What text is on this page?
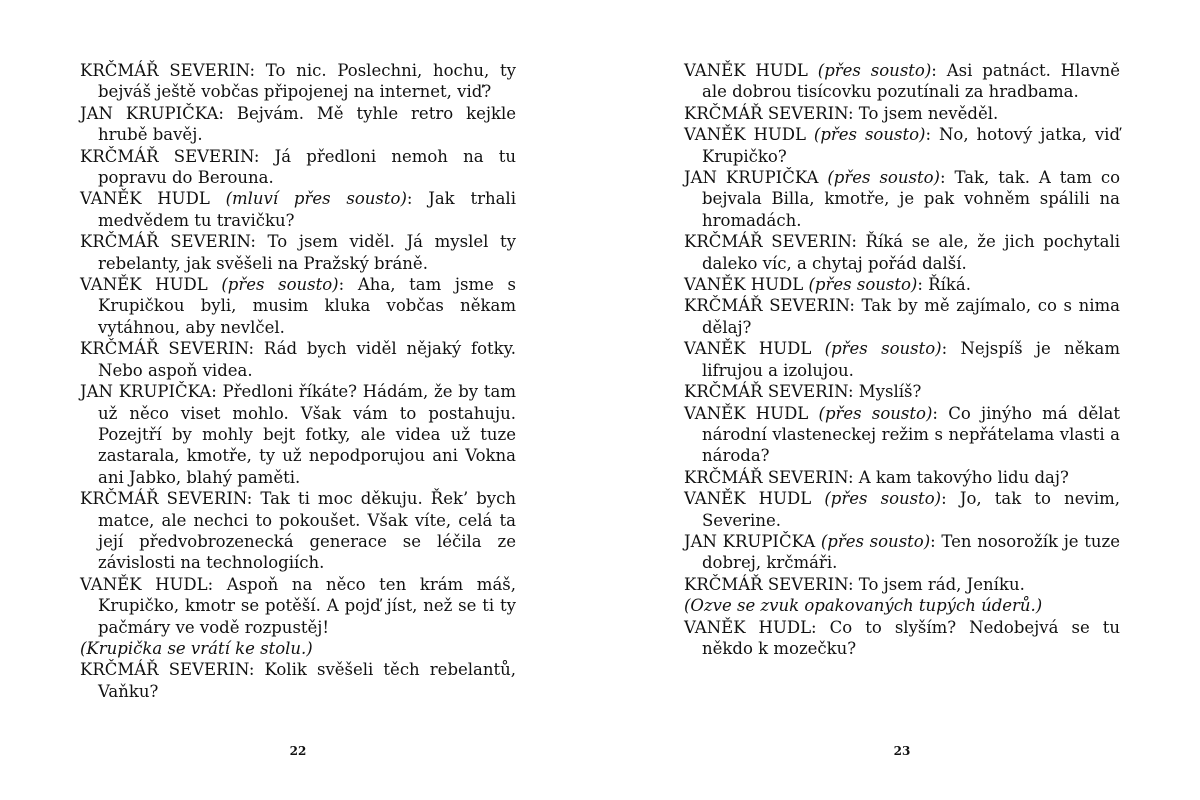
KRČMÁŘ SEVERIN: To nic. Poslechni, hochu, ty bejváš ještě vobčas připojenej na internet, viď?

JAN KRUPIČKA: Bejvám. Mě tyhle retro kejkle hrubě bavěj.

KRČMÁŘ SEVERIN: Já předloni nemoh na tu popravu do Berouna.

VANĚK HUDL (mluví přes sousto): Jak trhali medvědem tu travičku?

KRČMÁŘ SEVERIN: To jsem viděl. Já myslel ty rebelanty, jak svěšeli na Pražský bráně.

VANĚK HUDL (přes sousto): Aha, tam jsme s Krupičkou byli, musim kluka vobčas někam vytáhnou, aby nevlčel.

KRČMÁŘ SEVERIN: Rád bych viděl nějaký fotky. Nebo aspoň videa.

JAN KRUPIČKA: Předloni říkáte? Hádám, že by tam už něco viset mohlo. Však vám to postahuju. Pozejtří by mohly bejt fotky, ale videa už tuze zastarala, kmotře, ty už nepodporujou ani Vokna ani Jabko, blahý paměti.

KRČMÁŘ SEVERIN: Tak ti moc děkuju. Řek’ bych matce, ale nechci to pokoušet. Však víte, celá ta její předvobrozenecká generace se léčila ze závislosti na technologiích.

VANĚK HUDL: Aspoň na něco ten krám máš, Krupičko, kmotr se potěší. A pojď jíst, než se ti ty pačmáry ve vodě rozpustěj!

(Krupička se vrátí ke stolu.)

KRČMÁŘ SEVERIN: Kolik svěšeli těch rebelantů, Vaňku?

VANĚK HUDL (přes sousto): Asi patnáct. Hlavně ale dobrou tisícovku pozutínali za hradbama.

KRČMÁŘ SEVERIN: To jsem nevěděl.

VANĚK HUDL (přes sousto): No, hotový jatka, viď Krupičko?

JAN KRUPIČKA (přes sousto): Tak, tak. A tam co bejvala Billa, kmotře, je pak vohněm spálili na hromadách.

KRČMÁŘ SEVERIN: Říká se ale, že jich pochytali daleko víc, a chytaj pořád další.

VANĚK HUDL (přes sousto): Říká.

KRČMÁŘ SEVERIN: Tak by mě zajímalo, co s nima dělaj?

VANĚK HUDL (přes sousto): Nejspíš je někam lifrujou a izolujou.

KRČMÁŘ SEVERIN: Myslíš?

VANĚK HUDL (přes sousto): Co jinýho má dělat národní vlasteneckej režim s nepřátelama vlasti a národa?

KRČMÁŘ SEVERIN: A kam takovýho lidu daj?

VANĚK HUDL (přes sousto): Jo, tak to nevim, Severine.

JAN KRUPIČKA (přes sousto): Ten nosorožík je tuze dobrej, krčmáři.

KRČMÁŘ SEVERIN: To jsem rád, Jeníku.

(Ozve se zvuk opakovaných tupých úderů.)

VANĚK HUDL: Co to slyším? Nedobejvá se tu někdo k mozečku?

22	23
